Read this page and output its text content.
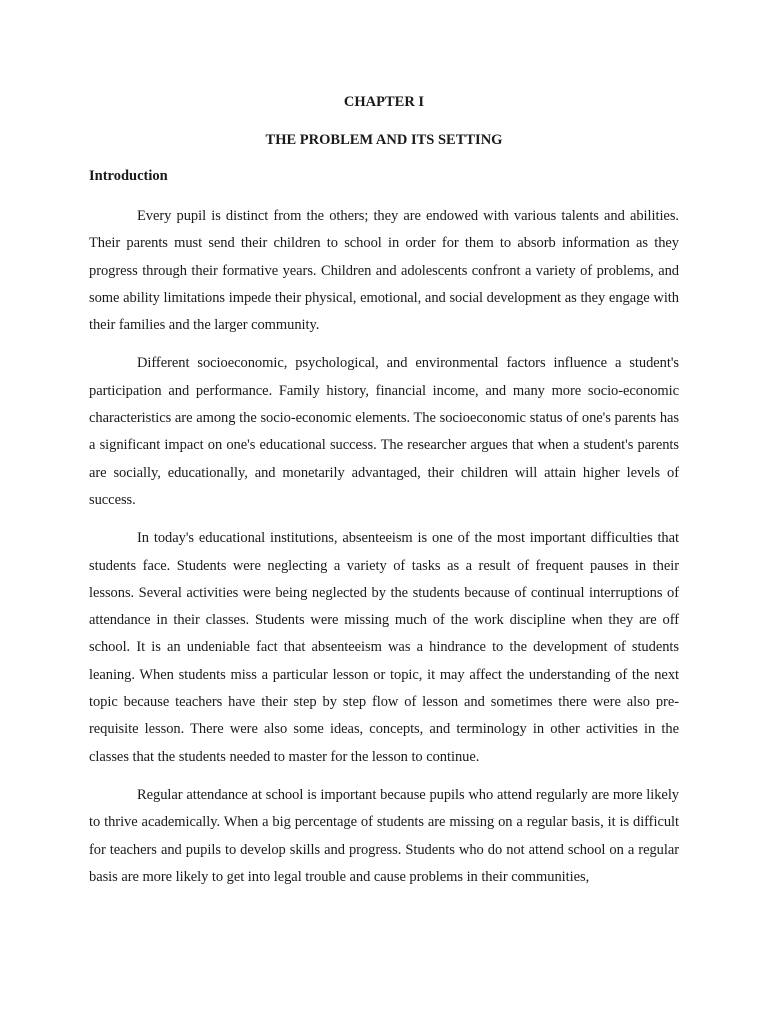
CHAPTER I
THE PROBLEM AND ITS SETTING
Introduction

Every pupil is distinct from the others; they are endowed with various talents and abilities. Their parents must send their children to school in order for them to absorb information as they progress through their formative years. Children and adolescents confront a variety of problems, and some ability limitations impede their physical, emotional, and social development as they engage with their families and the larger community.

Different socioeconomic, psychological, and environmental factors influence a student's participation and performance. Family history, financial income, and many more socio-economic characteristics are among the socio-economic elements. The socioeconomic status of one's parents has a significant impact on one's educational success. The researcher argues that when a student's parents are socially, educationally, and monetarily advantaged, their children will attain higher levels of success.

In today's educational institutions, absenteeism is one of the most important difficulties that students face. Students were neglecting a variety of tasks as a result of frequent pauses in their lessons. Several activities were being neglected by the students because of continual interruptions of attendance in their classes. Students were missing much of the work discipline when they are off school. It is an undeniable fact that absenteeism was a hindrance to the development of students leaning. When students miss a particular lesson or topic, it may affect the understanding of the next topic because teachers have their step by step flow of lesson and sometimes there were also pre-requisite lesson. There were also some ideas, concepts, and terminology in other activities in the classes that the students needed to master for the lesson to continue.

Regular attendance at school is important because pupils who attend regularly are more likely to thrive academically. When a big percentage of students are missing on a regular basis, it is difficult for teachers and pupils to develop skills and progress. Students who do not attend school on a regular basis are more likely to get into legal trouble and cause problems in their communities,
